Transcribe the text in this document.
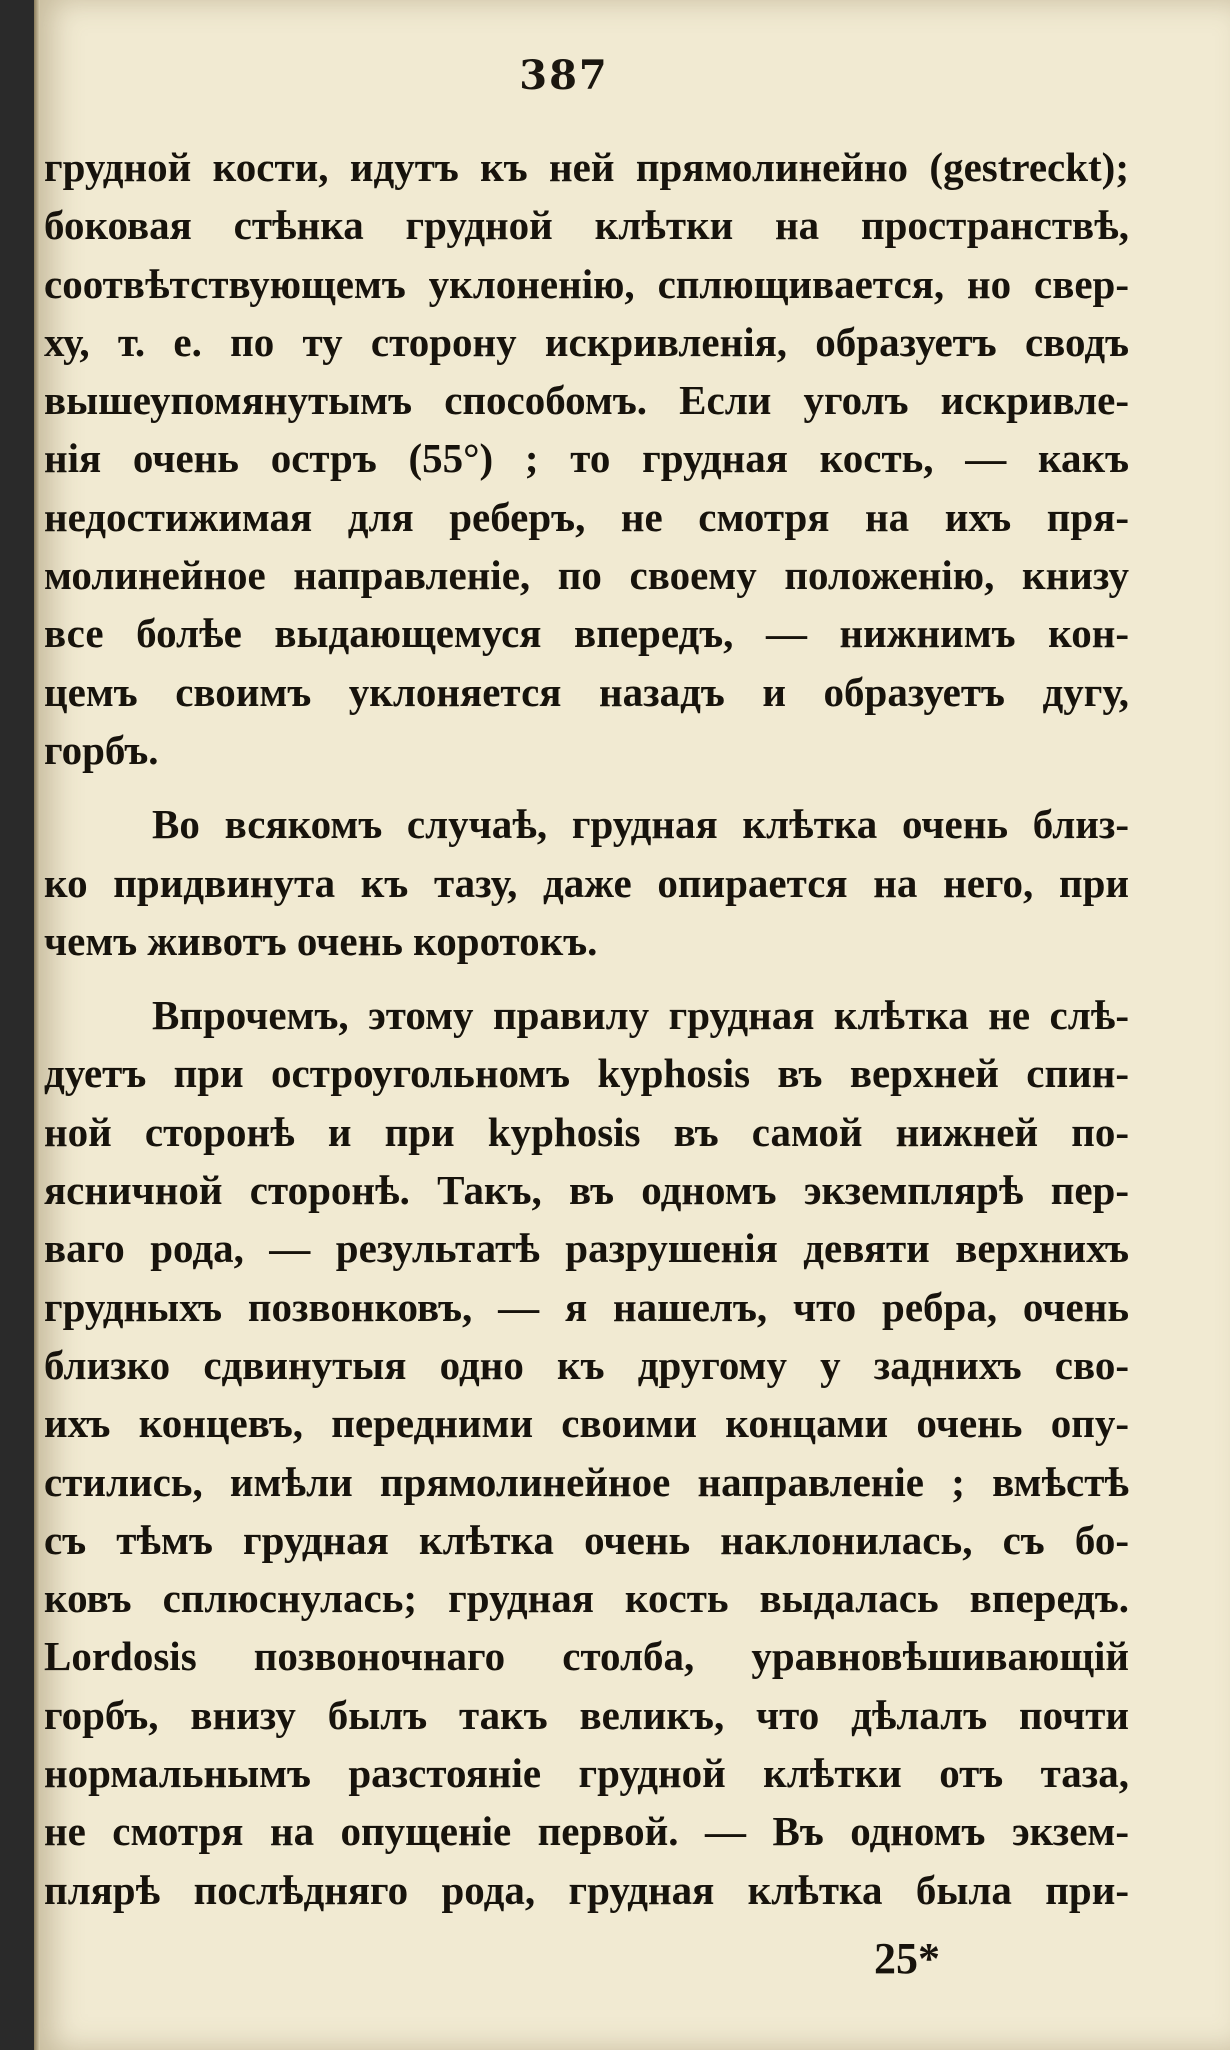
387
грудной кости, идутъ къ ней прямолинейно (gestreckt);
боковая стѣнка грудной клѣтки на пространствѣ,
соотвѣтствующемъ уклоненію, сплющивается, но свер-
ху, т. е. по ту сторону искривленія, образуетъ сводъ
вышеупомянутымъ способомъ. Если уголъ искривле-
нія очень остръ (55°) ; то грудная кость, — какъ
недостижимая для реберъ, не смотря на ихъ пря-
молинейное направленіе, по своему положенію, книзу
все болѣе выдающемуся впередъ, — нижнимъ кон-
цемъ своимъ уклоняется назадъ и образуетъ дугу,
горбъ.
Во всякомъ случаѣ, грудная клѣтка очень близ-
ко придвинута къ тазу, даже опирается на него, при
чемъ животъ очень коротокъ.
Впрочемъ, этому правилу грудная клѣтка не слѣ-
дуетъ при остроугольномъ kyphosis въ верхней спин-
ной сторонѣ и при kyphosis въ самой нижней по-
ясничной сторонѣ. Такъ, въ одномъ экземплярѣ пер-
ваго рода, — результатѣ разрушенія девяти верхнихъ
грудныхъ позвонковъ, — я нашелъ, что ребра, очень
близко сдвинутыя одно къ другому у заднихъ сво-
ихъ концевъ, передними своими концами очень опу-
стились, имѣли прямолинейное направленіе ; вмѣстѣ
съ тѣмъ грудная клѣтка очень наклонилась, съ бо-
ковъ сплюснулась; грудная кость выдалась впередъ.
Lordosis позвоночнаго столба, уравновѣшивающій
горбъ, внизу былъ такъ великъ, что дѣлалъ почти
нормальнымъ разстояніе грудной клѣтки отъ таза,
не смотря на опущеніе первой. — Въ одномъ экзем-
плярѣ послѣдняго рода, грудная клѣтка была при-
25*
